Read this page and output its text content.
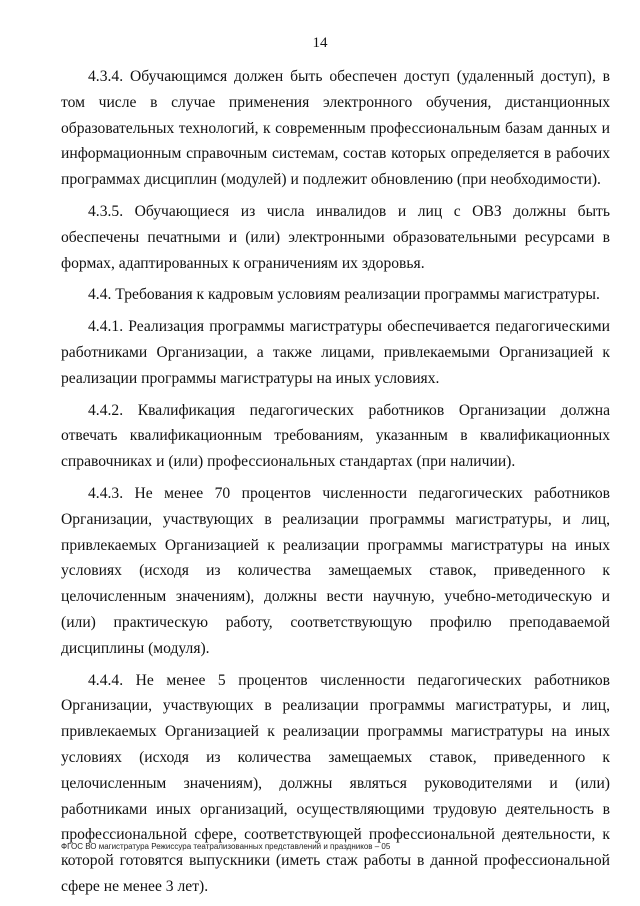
14

4.3.4. Обучающимся должен быть обеспечен доступ (удаленный доступ), в том числе в случае применения электронного обучения, дистанционных образовательных технологий, к современным профессиональным базам данных и информационным справочным системам, состав которых определяется в рабочих программах дисциплин (модулей) и подлежит обновлению (при необходимости).

4.3.5. Обучающиеся из числа инвалидов и лиц с ОВЗ должны быть обеспечены печатными и (или) электронными образовательными ресурсами в формах, адаптированных к ограничениям их здоровья.

4.4. Требования к кадровым условиям реализации программы магистратуры.

4.4.1. Реализация программы магистратуры обеспечивается педагогическими работниками Организации, а также лицами, привлекаемыми Организацией к реализации программы магистратуры на иных условиях.

4.4.2. Квалификация педагогических работников Организации должна отвечать квалификационным требованиям, указанным в квалификационных справочниках и (или) профессиональных стандартах (при наличии).

4.4.3. Не менее 70 процентов численности педагогических работников Организации, участвующих в реализации программы магистратуры, и лиц, привлекаемых Организацией к реализации программы магистратуры на иных условиях (исходя из количества замещаемых ставок, приведенного к целочисленным значениям), должны вести научную, учебно-методическую и (или) практическую работу, соответствующую профилю преподаваемой дисциплины (модуля).

4.4.4. Не менее 5 процентов численности педагогических работников Организации, участвующих в реализации программы магистратуры, и лиц, привлекаемых Организацией к реализации программы магистратуры на иных условиях (исходя из количества замещаемых ставок, приведенного к целочисленным значениям), должны являться руководителями и (или) работниками иных организаций, осуществляющими трудовую деятельность в профессиональной сфере, соответствующей профессиональной деятельности, к которой готовятся выпускники (иметь стаж работы в данной профессиональной сфере не менее 3 лет).

ФГОС ВО магистратура Режиссура театрализованных представлений и праздников – 05
